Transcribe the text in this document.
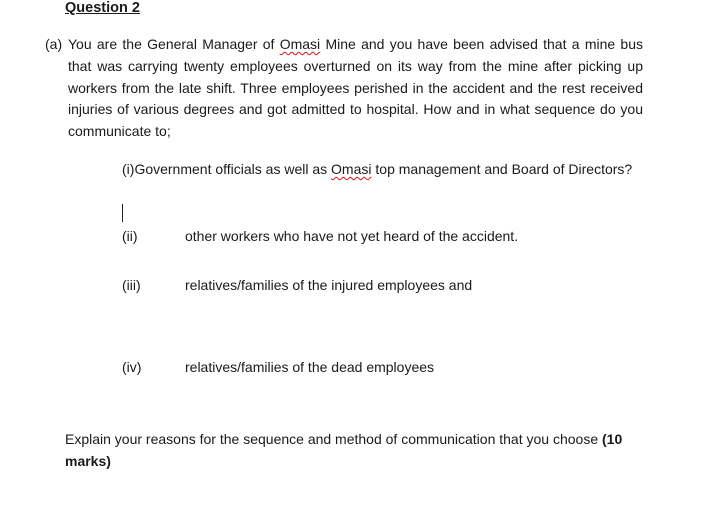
Question 2
(a) You are the General Manager of Omasi Mine and you have been advised that a mine bus that was carrying twenty employees overturned on its way from the mine after picking up workers from the late shift. Three employees perished in the accident and the rest received injuries of various degrees and got admitted to hospital. How and in what sequence do you communicate to;
(i)Government officials as well as Omasi top management and Board of Directors?
(ii)	other workers who have not yet heard of the accident.
(iii)	relatives/families of the injured employees and
(iv)	relatives/families of the dead employees
Explain your reasons for the sequence and method of communication that you choose (10 marks)
